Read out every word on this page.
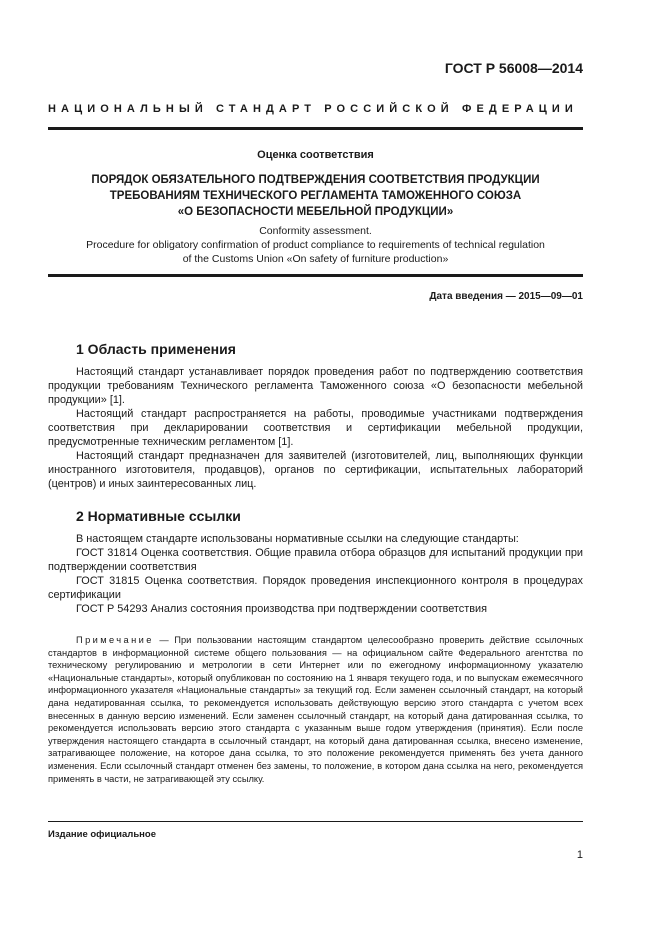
ГОСТ Р 56008—2014
НАЦИОНАЛЬНЫЙ СТАНДАРТ РОССИЙСКОЙ ФЕДЕРАЦИИ
Оценка соответствия
ПОРЯДОК ОБЯЗАТЕЛЬНОГО ПОДТВЕРЖДЕНИЯ СООТВЕТСТВИЯ ПРОДУКЦИИ
ТРЕБОВАНИЯМ ТЕХНИЧЕСКОГО РЕГЛАМЕНТА ТАМОЖЕННОГО СОЮЗА
«О БЕЗОПАСНОСТИ МЕБЕЛЬНОЙ ПРОДУКЦИИ»
Conformity assessment.
Procedure for obligatory confirmation of product compliance to requirements of technical regulation
of the Customs Union «On safety of furniture production»
Дата введения — 2015—09—01
1 Область применения

Настоящий стандарт устанавливает порядок проведения работ по подтверждению соответствия продукции требованиям Технического регламента Таможенного союза «О безопасности мебельной продукции» [1].

Настоящий стандарт распространяется на работы, проводимые участниками подтверждения соответствия при декларировании соответствия и сертификации мебельной продукции, предусмотренные техническим регламентом [1].

Настоящий стандарт предназначен для заявителей (изготовителей, лиц, выполняющих функции иностранного изготовителя, продавцов), органов по сертификации, испытательных лабораторий (центров) и иных заинтересованных лиц.

2 Нормативные ссылки

В настоящем стандарте использованы нормативные ссылки на следующие стандарты:

ГОСТ 31814 Оценка соответствия. Общие правила отбора образцов для испытаний продукции при подтверждении соответствия

ГОСТ 31815 Оценка соответствия. Порядок проведения инспекционного контроля в процедурах сертификации

ГОСТ Р 54293 Анализ состояния производства при подтверждении соответствия

Примечание — При пользовании настоящим стандартом целесообразно проверить действие ссылочных стандартов в информационной системе общего пользования — на официальном сайте Федерального агентства по техническому регулированию и метрологии в сети Интернет или по ежегодному информационному указателю «Национальные стандарты», который опубликован по состоянию на 1 января текущего года, и по выпускам ежемесячного информационного указателя «Национальные стандарты» за текущий год. Если заменен ссылочный стандарт, на который дана недатированная ссылка, то рекомендуется использовать действующую версию этого стандарта с учетом всех внесенных в данную версию изменений. Если заменен ссылочный стандарт, на который дана датированная ссылка, то рекомендуется использовать версию этого стандарта с указанным выше годом утверждения (принятия). Если после утверждения настоящего стандарта в ссылочный стандарт, на который дана датированная ссылка, внесено изменение, затрагивающее положение, на которое дана ссылка, то это положение рекомендуется применять без учета данного изменения. Если ссылочный стандарт отменен без замены, то положение, в котором дана ссылка на него, рекомендуется применять в части, не затрагивающей эту ссылку.
Издание официальное
1
